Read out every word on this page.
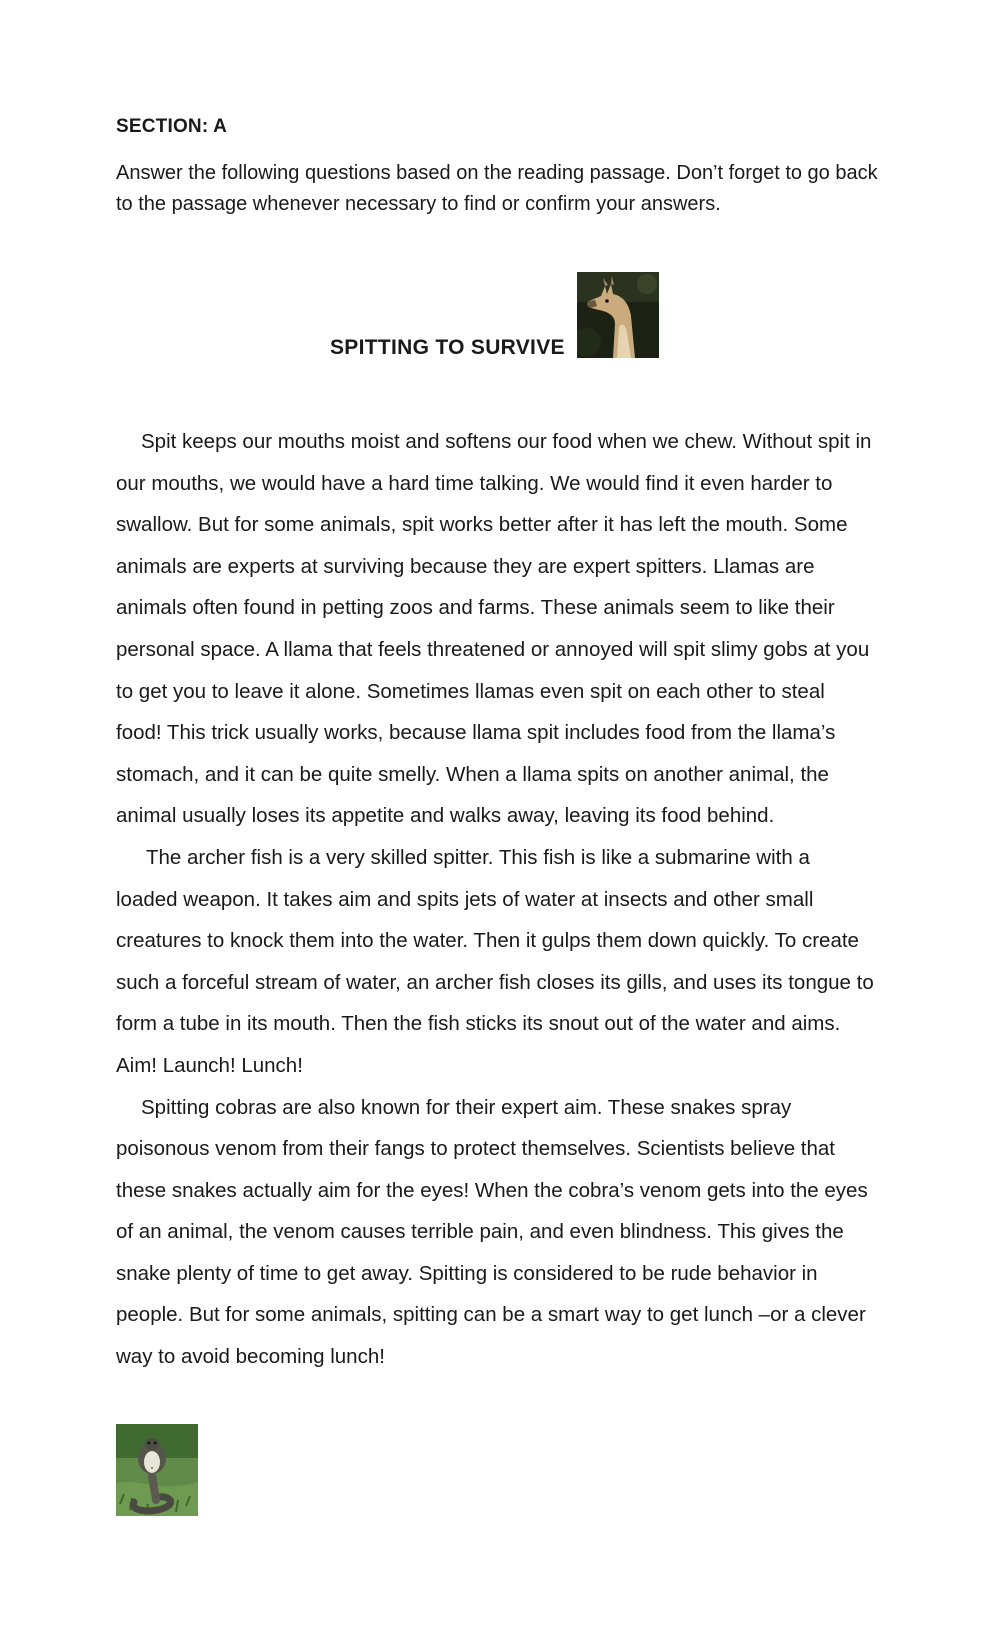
SECTION: A
Answer the following questions based on the reading passage. Don’t forget to go back to the passage whenever necessary to find or confirm your answers.
SPITTING TO SURVIVE

Spit keeps our mouths moist and softens our food when we chew. Without spit in our mouths, we would have a hard time talking. We would find it even harder to swallow. But for some animals, spit works better after it has left the mouth. Some animals are experts at surviving because they are expert spitters. Llamas are animals often found in petting zoos and farms. These animals seem to like their personal space. A llama that feels threatened or annoyed will spit slimy gobs at you to get you to leave it alone. Sometimes llamas even spit on each other to steal food! This trick usually works, because llama spit includes food from the llama’s stomach, and it can be quite smelly. When a llama spits on another animal, the animal usually loses its appetite and walks away, leaving its food behind.

The archer fish is a very skilled spitter. This fish is like a submarine with a loaded weapon. It takes aim and spits jets of water at insects and other small creatures to knock them into the water. Then it gulps them down quickly. To create such a forceful stream of water, an archer fish closes its gills, and uses its tongue to form a tube in its mouth. Then the fish sticks its snout out of the water and aims. Aim! Launch! Lunch!

Spitting cobras are also known for their expert aim. These snakes spray poisonous venom from their fangs to protect themselves. Scientists believe that these snakes actually aim for the eyes! When the cobra’s venom gets into the eyes of an animal, the venom causes terrible pain, and even blindness. This gives the snake plenty of time to get away. Spitting is considered to be rude behavior in people. But for some animals, spitting can be a smart way to get lunch –or a clever way to avoid becoming lunch!
